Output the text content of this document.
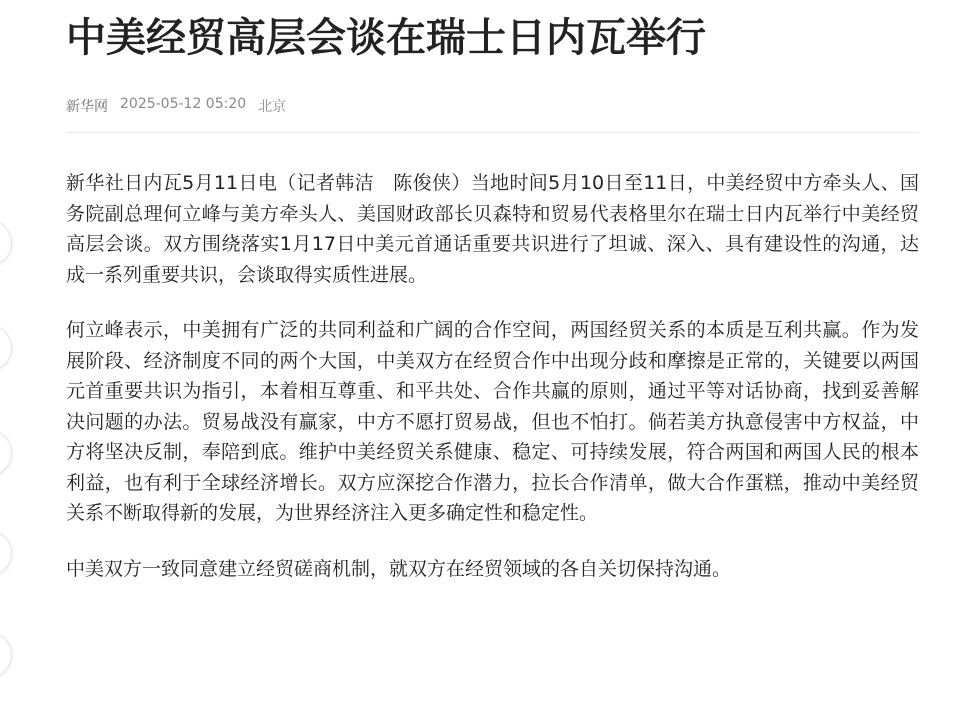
中美经贸高层会谈在瑞士日内瓦举行
新华网 2025-05-12 05:20 北京

新华社日内瓦5月11日电（记者韩洁　陈俊侠）当地时间5月10日至11日，中美经贸中方牵头人、国务院副总理何立峰与美方牵头人、美国财政部长贝森特和贸易代表格里尔在瑞士日内瓦举行中美经贸高层会谈。双方围绕落实1月17日中美元首通话重要共识进行了坦诚、深入、具有建设性的沟通，达成一系列重要共识，会谈取得实质性进展。

何立峰表示，中美拥有广泛的共同利益和广阔的合作空间，两国经贸关系的本质是互利共赢。作为发展阶段、经济制度不同的两个大国，中美双方在经贸合作中出现分歧和摩擦是正常的，关键要以两国元首重要共识为指引，本着相互尊重、和平共处、合作共赢的原则，通过平等对话协商，找到妥善解决问题的办法。贸易战没有赢家，中方不愿打贸易战，但也不怕打。倘若美方执意侵害中方权益，中方将坚决反制，奉陪到底。维护中美经贸关系健康、稳定、可持续发展，符合两国和两国人民的根本利益，也有利于全球经济增长。双方应深挖合作潜力，拉长合作清单，做大合作蛋糕，推动中美经贸关系不断取得新的发展，为世界经济注入更多确定性和稳定性。

中美双方一致同意建立经贸磋商机制，就双方在经贸领域的各自关切保持沟通。
